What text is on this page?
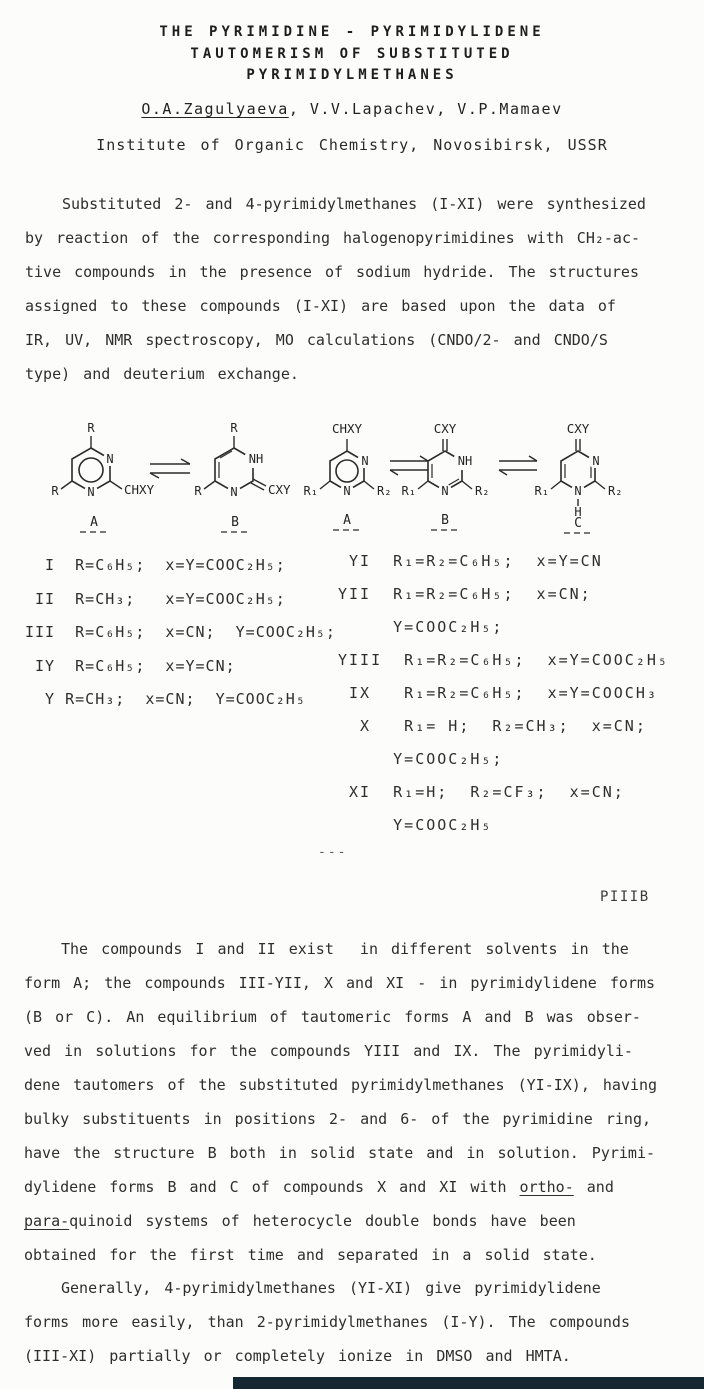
THE PYRIMIDINE - PYRIMIDYLIDENE
TAUTOMERISM OF SUBSTITUTED
PYRIMIDYLMETHANES
O.A.Zagulyaeva, V.V.Lapachev, V.P.Mamaev
Institute of Organic Chemistry, Novosibirsk, USSR
Substituted 2- and 4-pyrimidylmethanes (I-XI) were synthesized
by reaction of the corresponding halogenopyrimidines with CH₂-ac-
tive compounds in the presence of sodium hydride. The structures
assigned to these compounds (I-XI) are based upon the data of
IR, UV, NMR spectroscopy, MO calculations (CNDO/2- and CNDO/S
type) and deuterium exchange.
R
N
N CHXY
R
A
R
NH
N CXY
R
B
CHXY
N
N
R₁	R₂
A
CXY
NH
N
R₁	R₂
B
CXY
N
N
H
R₁	R₂
C
I  R=C₆H₅;  x=Y=COOC₂H₅;
II  R=CH₃;   x=Y=COOC₂H₅;
III  R=C₆H₅;  x=CN;  Y=COOC₂H₅;
IY  R=C₆H₅;  x=Y=CN;
Y R=CH₃;  x=CN;  Y=COOC₂H₅
YI  R₁=R₂=C₆H₅;  x=Y=CN
YII  R₁=R₂=C₆H₅;  x=CN;
Y=COOC₂H₅;
YIII  R₁=R₂=C₆H₅;  x=Y=COOC₂H₅
IX   R₁=R₂=C₆H₅;  x=Y=COOCH₃
X   R₁= H;  R₂=CH₃;  x=CN;
Y=COOC₂H₅;
XI  R₁=H;  R₂=CF₃;  x=CN;
Y=COOC₂H₅
---
PIIIB
The compounds I and II exist  in different solvents in the
form A; the compounds III-YII, X and XI - in pyrimidylidene forms
(B or C). An equilibrium of tautomeric forms A and B was obser-
ved in solutions for the compounds YIII and IX. The pyrimidyli-
dene tautomers of the substituted pyrimidylmethanes (YI-IX), having
bulky substituents in positions 2- and 6- of the pyrimidine ring,
have the structure B both in solid state and in solution. Pyrimi-
dylidene forms B and C of compounds X and XI with ortho- and
para-quinoid systems of heterocycle double bonds have been
obtained for the first time and separated in a solid state.
Generally, 4-pyrimidylmethanes (YI-XI) give pyrimidylidene
forms more easily, than 2-pyrimidylmethanes (I-Y). The compounds
(III-XI) partially or completely ionize in DMSO and HMTA.
